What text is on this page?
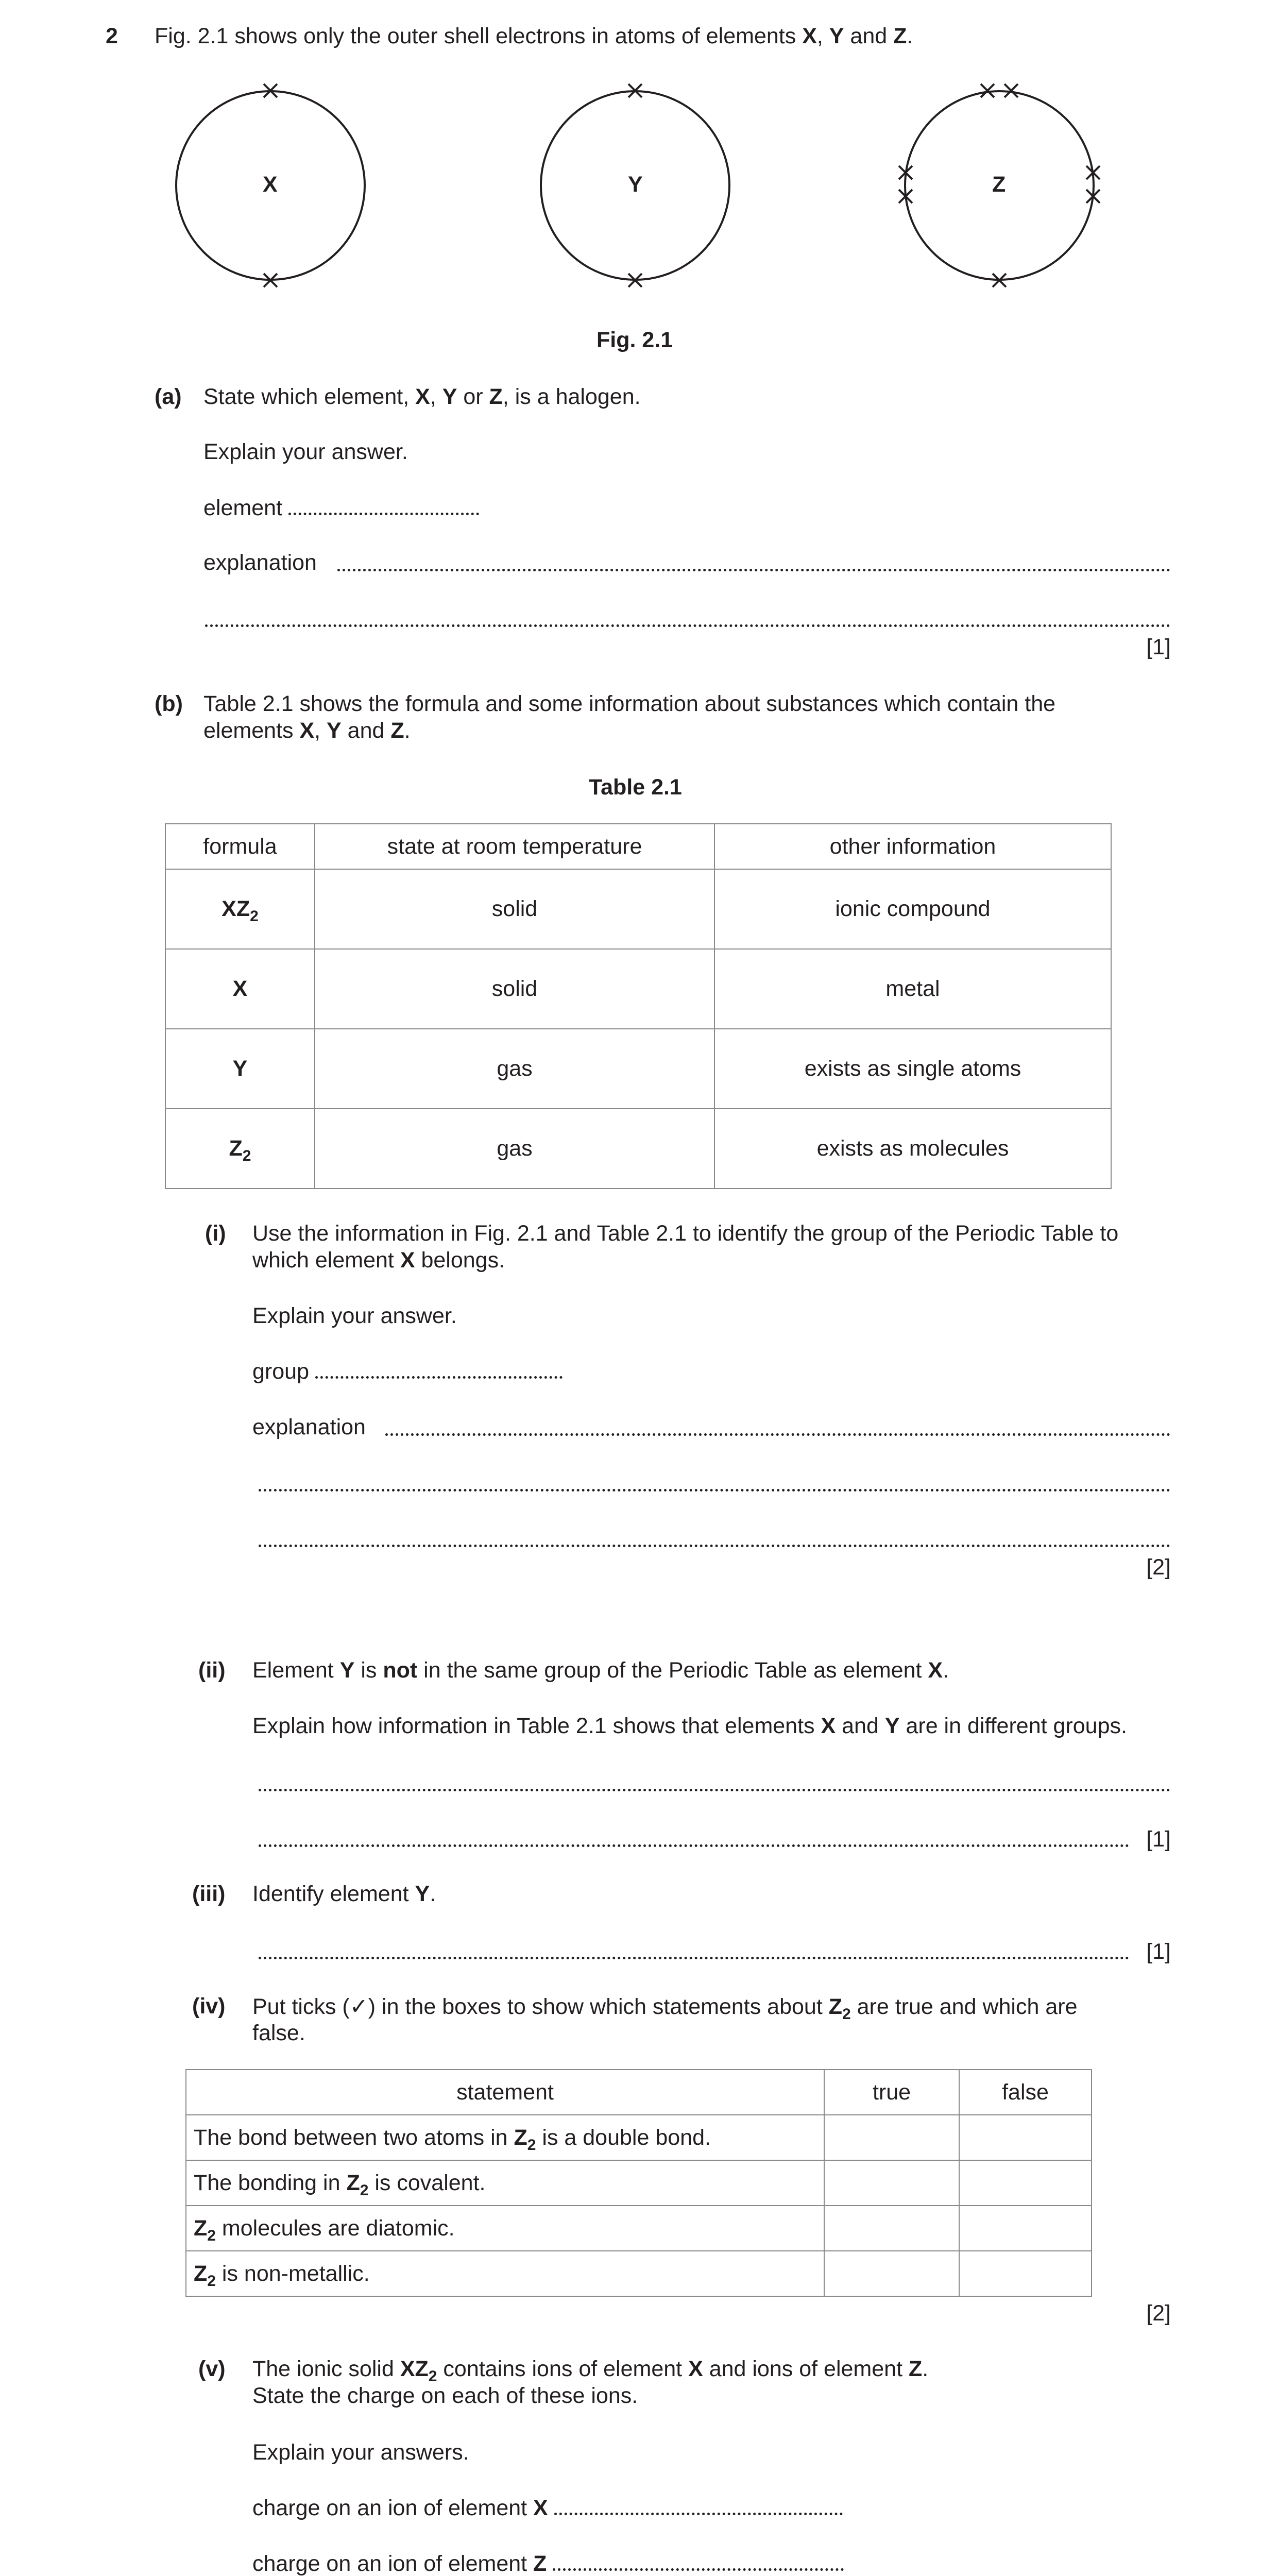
2 Fig. 2.1 shows only the outer shell electrons in atoms of elements X, Y and Z.
X	Y	Z
Fig. 2.1
(a) State which element, X, Y or Z, is a halogen.
Explain your answer.
element
explanation
[1]
(b) Table 2.1 shows the formula and some information about substances which contain the
elements X, Y and Z.
Table 2.1
formula	state at room temperature	other information
$XZ_2$	solid	ionic compound
X	solid	metal
Y	gas	exists as single atoms
$Z_2$	gas	exists as molecules
(i) Use the information in Fig. 2.1 and Table 2.1 to identify the group of the Periodic Table to
which element X belongs.
Explain your answer.
group
explanation
[2]
(ii) Element Y is not in the same group of the Periodic Table as element X.
Explain how information in Table 2.1 shows that elements X and Y are in different groups.
[1]
(iii) Identify element Y.
[1]
(iv) Put ticks (✓) in the boxes to show which statements about $Z_2$ are true and which are
false.
statement	true	false
The bond between two atoms in $Z_2$ is a double bond.		
The bonding in $Z_2$ is covalent.		
$Z_2$ molecules are diatomic.		
$Z_2$ is non-metallic.		
[2]
(v) The ionic solid $XZ_2$ contains ions of element X and ions of element Z.
State the charge on each of these ions.
Explain your answers.
charge on an ion of element X
charge on an ion of element Z
